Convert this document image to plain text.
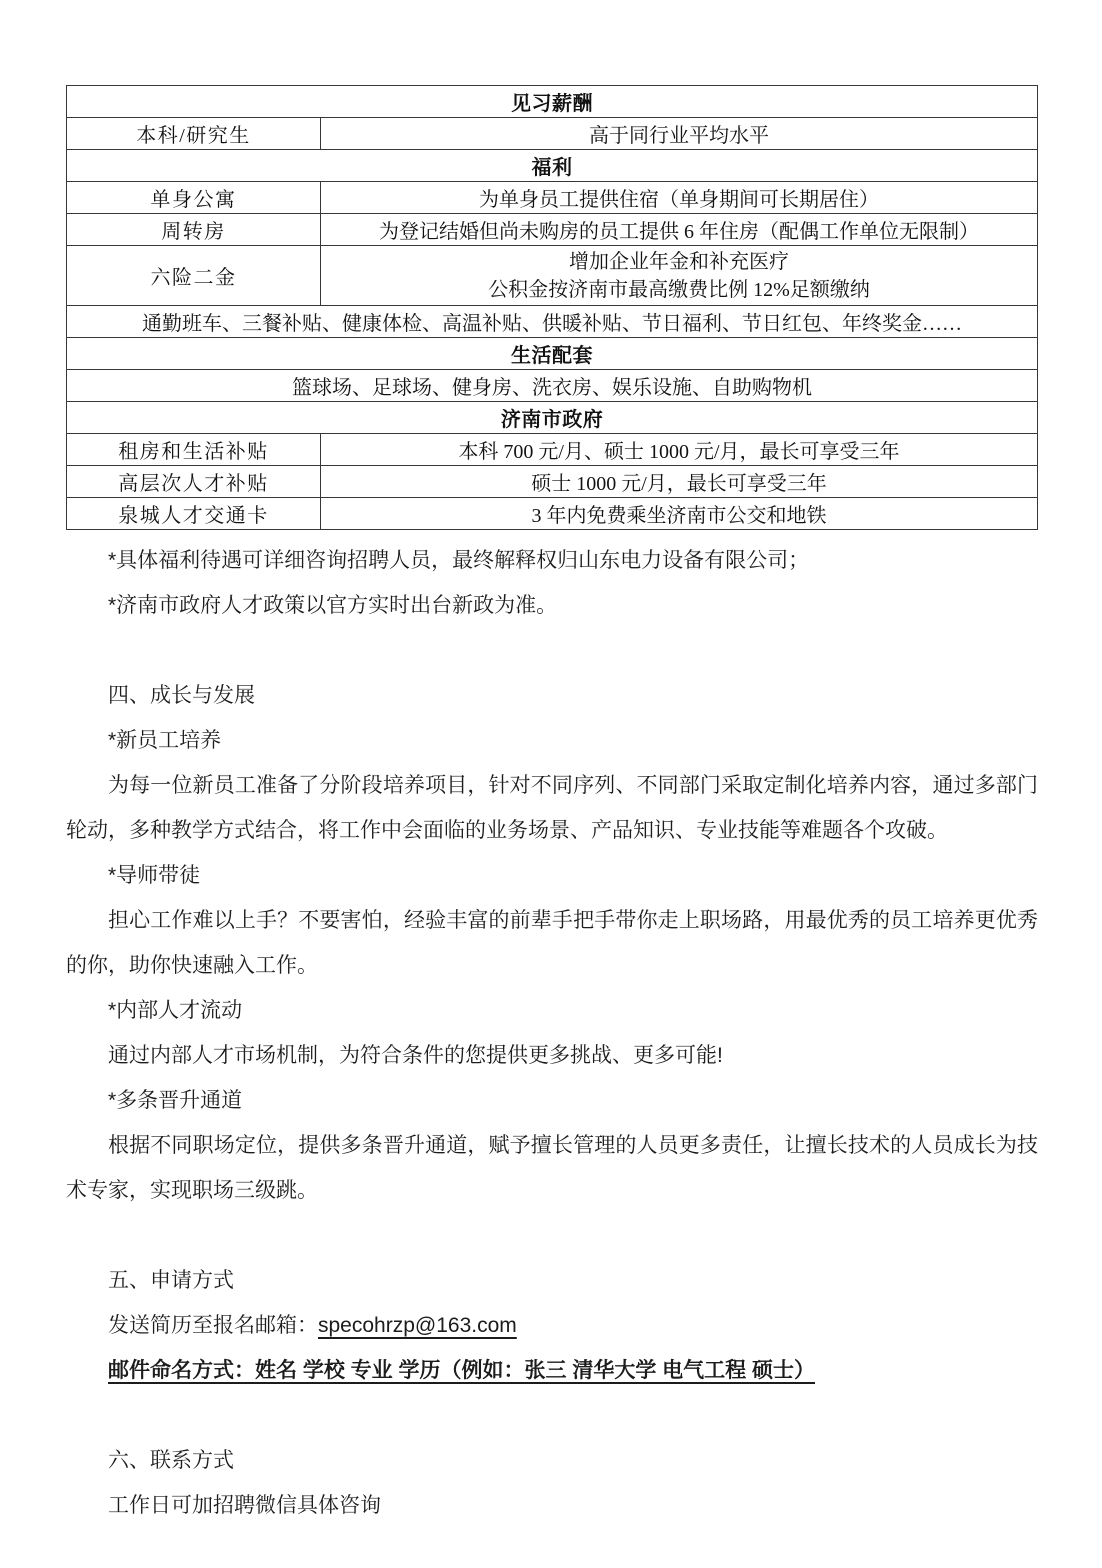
见习薪酬	
本科/研究生	高于同行业平均水平
福利	
单身公寓	为单身员工提供住宿（单身期间可长期居住）
周转房	为登记结婚但尚未购房的员工提供 6 年住房（配偶工作单位无限制）
六险二金	增加企业年金和补充医疗
公积金按济南市最高缴费比例 12%足额缴纳

通勤班车、三餐补贴、健康体检、高温补贴、供暖补贴、节日福利、节日红包、年终奖金……	
生活配套	
篮球场、足球场、健身房、洗衣房、娱乐设施、自助购物机	
济南市政府	
租房和生活补贴	本科 700 元/月、硕士 1000 元/月，最长可享受三年
高层次人才补贴	硕士 1000 元/月，最长可享受三年
泉城人才交通卡	3 年内免费乘坐济南市公交和地铁

*具体福利待遇可详细咨询招聘人员，最终解释权归山东电力设备有限公司；

*济南市政府人才政策以官方实时出台新政为准。

四、成长与发展

*新员工培养

为每一位新员工准备了分阶段培养项目，针对不同序列、不同部门采取定制化培养内容，通过多部门轮动，多种教学方式结合，将工作中会面临的业务场景、产品知识、专业技能等难题各个攻破。

*导师带徒

担心工作难以上手？不要害怕，经验丰富的前辈手把手带你走上职场路，用最优秀的员工培养更优秀的你，助你快速融入工作。

*内部人才流动

通过内部人才市场机制，为符合条件的您提供更多挑战、更多可能!

*多条晋升通道

根据不同职场定位，提供多条晋升通道，赋予擅长管理的人员更多责任，让擅长技术的人员成长为技术专家，实现职场三级跳。

五、申请方式

发送简历至报名邮箱：specohrzp@163.com

邮件命名方式：姓名 学校 专业 学历（例如：张三 清华大学 电气工程 硕士）

六、联系方式

工作日可加招聘微信具体咨询
